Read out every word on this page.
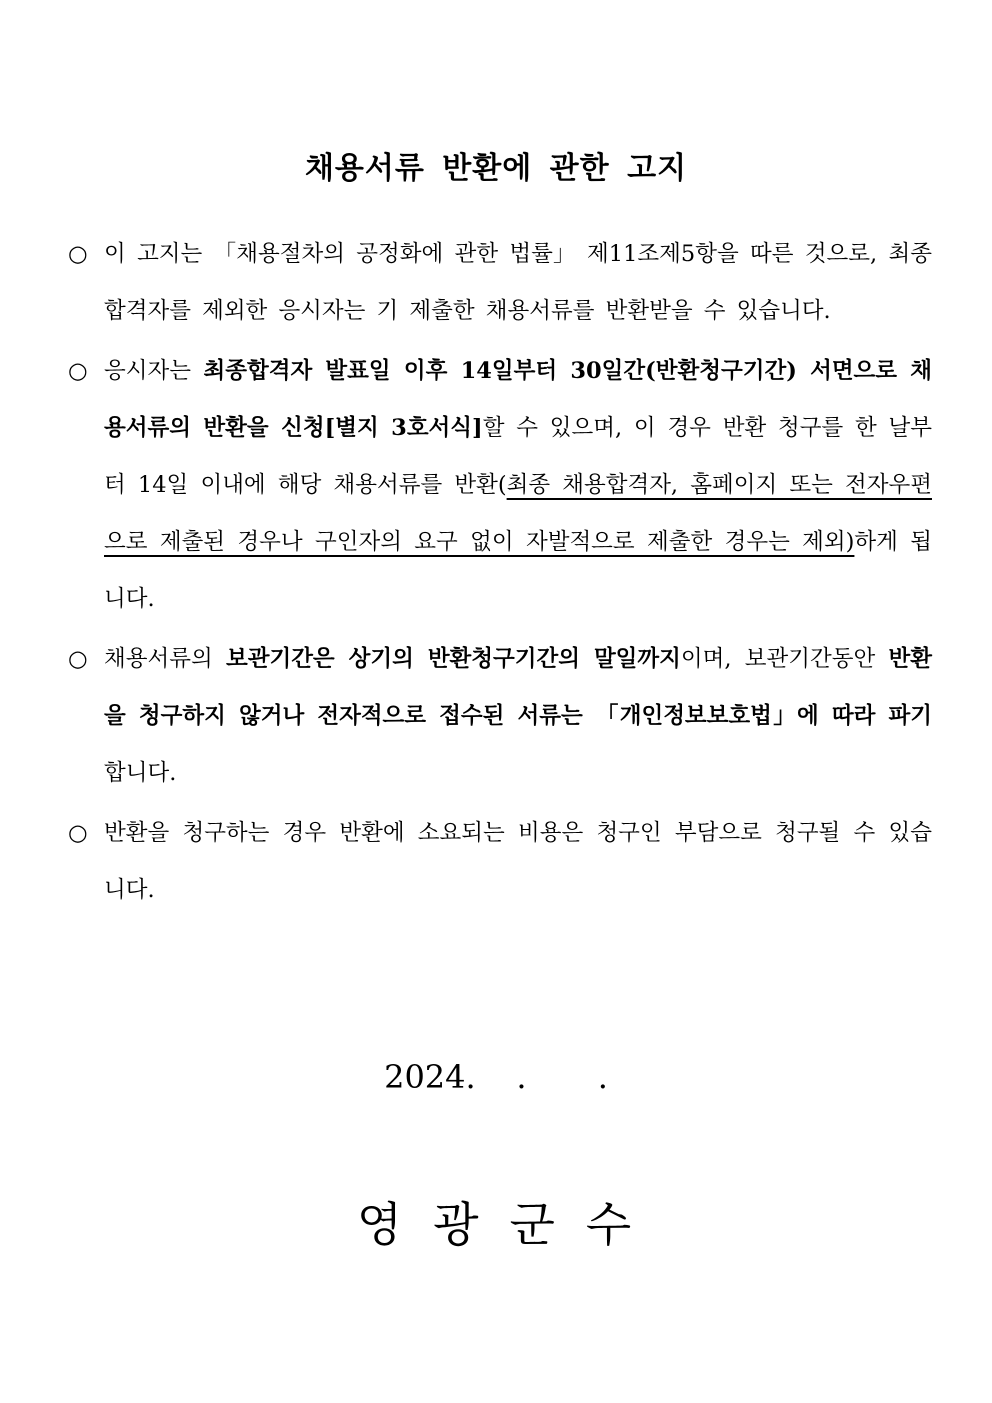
채용서류 반환에 관한 고지
○ 이 고지는 「채용절차의 공정화에 관한 법률」 제11조제5항을 따른 것으로, 최종합격자를 제외한 응시자는 기 제출한 채용서류를 반환받을 수 있습니다.
○ 응시자는 최종합격자 발표일 이후 14일부터 30일간(반환청구기간) 서면으로 채용서류의 반환을 신청[별지 3호서식]할 수 있으며, 이 경우 반환 청구를 한 날부터 14일 이내에 해당 채용서류를 반환(최종 채용합격자, 홈페이지 또는 전자우편으로 제출된 경우나 구인자의 요구 없이 자발적으로 제출한 경우는 제외)하게 됩니다.
○ 채용서류의 보관기간은 상기의 반환청구기간의 말일까지이며, 보관기간동안 반환을 청구하지 않거나 전자적으로 접수된 서류는 「개인정보보호법」에 따라 파기합니다.
○ 반환을 청구하는 경우 반환에 소요되는 비용은 청구인 부담으로 청구될 수 있습니다.
2024.    .       .
영 광 군 수
